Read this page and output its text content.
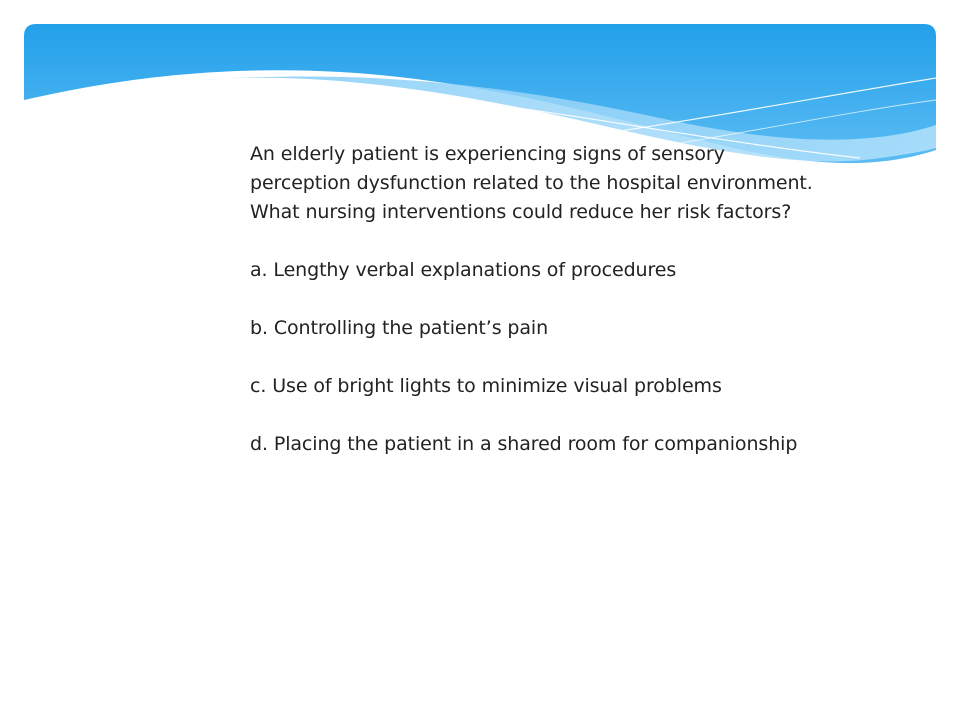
An elderly patient is experiencing signs of sensory perception dysfunction related to the hospital environment. What nursing interventions could reduce her risk factors?

a. Lengthy verbal explanations of procedures

b. Controlling the patient’s pain

c. Use of bright lights to minimize visual problems

d. Placing the patient in a shared room for companionship
